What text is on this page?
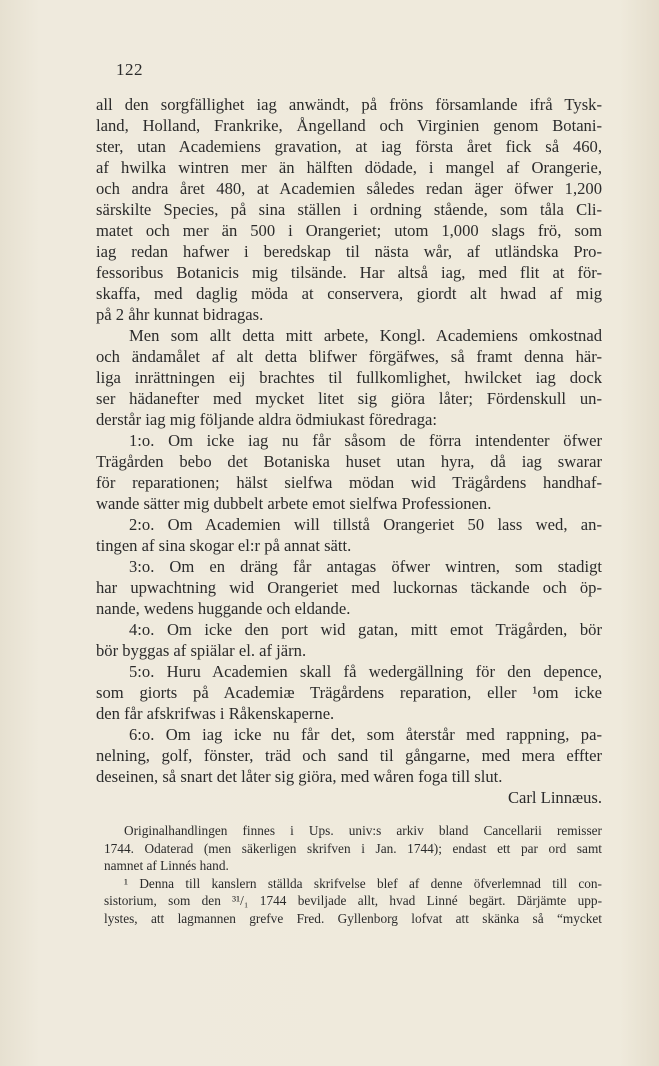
122
all den sorgfällighet iag anwändt, på fröns församlande ifrå Tysk-
land, Holland, Frankrike, Ångelland och Virginien genom Botani-
ster, utan Academiens gravation, at iag första året fick så 460,
af hwilka wintren mer än hälften dödade, i mangel af Orangerie,
och andra året 480, at Academien således redan äger öfwer 1,200
särskilte Species, på sina ställen i ordning stående, som tåla Cli-
matet och mer än 500 i Orangeriet; utom 1,000 slags frö, som
iag redan hafwer i beredskap til nästa wår, af utländska Pro-
fessoribus Botanicis mig tilsände. Har altså iag, med flit at för-
skaffa, med daglig möda at conservera, giordt alt hwad af mig
på 2 åhr kunnat bidragas.
Men som allt detta mitt arbete, Kongl. Academiens omkostnad
och ändamålet af alt detta blifwer förgäfwes, så framt denna här-
liga inrättningen eij brachtes til fullkomlighet, hwilcket iag dock
ser hädanefter med mycket litet sig giöra låter; Fördenskull un-
derstår iag mig följande aldra ödmiukast föredraga:
1:o. Om icke iag nu får såsom de förra intendenter öfwer
Trägården bebo det Botaniska huset utan hyra, då iag swarar
för reparationen; hälst sielfwa mödan wid Trägårdens handhaf-
wande sätter mig dubbelt arbete emot sielfwa Professionen.
2:o. Om Academien will tillstå Orangeriet 50 lass wed, an-
tingen af sina skogar el:r på annat sätt.
3:o. Om en dräng får antagas öfwer wintren, som stadigt
har upwachtning wid Orangeriet med luckornas täckande och öp-
nande, wedens huggande och eldande.
4:o. Om icke den port wid gatan, mitt emot Trägården, bör
bör byggas af spiälar el. af järn.
5:o. Huru Academien skall få wedergällning för den depence,
som giorts på Academiæ Trägårdens reparation, eller ¹om icke
den får afskrifwas i Råkenskaperne.
6:o. Om iag icke nu får det, som återstår med rappning, pa-
nelning, golf, fönster, träd och sand til gångarne, med mera effter
deseinen, så snart det låter sig giöra, med wåren foga till slut.
Carl Linnæus.
Originalhandlingen finnes i Ups. univ:s arkiv bland Cancellarii remisser
1744. Odaterad (men säkerligen skrifven i Jan. 1744); endast ett par ord samt
namnet af Linnés hand.
¹ Denna till kanslern ställda skrifvelse blef af denne öfverlemnad till con-
sistorium, som den ³¹/₁ 1744 beviljade allt, hvad Linné begärt. Därjämte upp-
lystes, att lagmannen grefve Fred. Gyllenborg lofvat att skänka så “mycket
